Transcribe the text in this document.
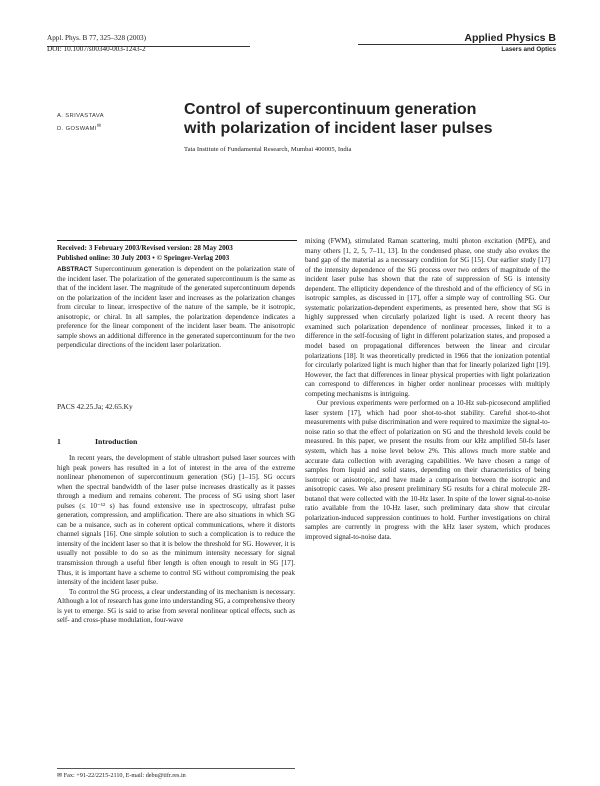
Appl. Phys. B 77, 325–328 (2003)
DOI: 10.1007/s00340-003-1243-2
Applied Physics B
Lasers and Optics
A. SRIVASTAVA
D. GOSWAMI✉
Control of supercontinuum generation
with polarization of incident laser pulses
Tata Institute of Fundamental Research, Mumbai 400005, India
Received: 3 February 2003/Revised version: 28 May 2003
Published online: 30 July 2003 • © Springer-Verlag 2003

ABSTRACT Supercontinuum generation is dependent on the polarization state of the incident laser. The polarization of the generated supercontinuum is the same as that of the incident laser. The magnitude of the generated supercontinuum depends on the polarization of the incident laser and increases as the polarization changes from circular to linear, irrespective of the nature of the sample, be it isotropic, anisotropic, or chiral. In all samples, the polarization dependence indicates a preference for the linear component of the incident laser beam. The anisotropic sample shows an additional difference in the generated supercontinuum for the two perpendicular directions of the incident laser polarization.

PACS 42.25.Ja; 42.65.Ky
1	Introduction

In recent years, the development of stable ultrashort pulsed laser sources with high peak powers has resulted in a lot of interest in the area of the extreme nonlinear phenomenon of supercontinuum generation (SG) [1–15]. SG occurs when the spectral bandwidth of the laser pulse increases drastically as it passes through a medium and remains coherent. The process of SG using short laser pulses (≤ 10⁻¹² s) has found extensive use in spectroscopy, ultrafast pulse generation, compression, and amplification. There are also situations in which SG can be a nuisance, such as in coherent optical communications, where it distorts channel signals [16]. One simple solution to such a complication is to reduce the intensity of the incident laser so that it is below the threshold for SG. However, it is usually not possible to do so as the minimum intensity necessary for signal transmission through a useful fiber length is often enough to result in SG [17]. Thus, it is important have a scheme to control SG without compromising the peak intensity of the incident laser pulse.

To control the SG process, a clear understanding of its mechanism is necessary. Although a lot of research has gone into understanding SG, a comprehensive theory is yet to emerge. SG is said to arise from several nonlinear optical effects, such as self- and cross-phase modulation, four-wave

✉ Fax: +91-22/2215-2110, E-mail: debu@tifr.res.in

mixing (FWM), stimulated Raman scattering, multi photon excitation (MPE), and many others [1, 2, 5, 7–11, 13]. In the condensed phase, one study also evokes the band gap of the material as a necessary condition for SG [15]. Our earlier study [17] of the intensity dependence of the SG process over two orders of magnitude of the incident laser pulse has shown that the rate of suppression of SG is intensity dependent. The ellipticity dependence of the threshold and of the efficiency of SG in isotropic samples, as discussed in [17], offer a simple way of controlling SG. Our systematic polarization-dependent experiments, as presented here, show that SG is highly suppressed when circularly polarized light is used. A recent theory has examined such polarization dependence of nonlinear processes, linked it to a difference in the self-focusing of light in different polarization states, and proposed a model based on propagational differences between the linear and circular polarizations [18]. It was theoretically predicted in 1966 that the ionization potential for circularly polarized light is much higher than that for linearly polarized light [19]. However, the fact that differences in linear physical properties with light polarization can correspond to differences in higher order nonlinear processes with multiply competing mechanisms is intriguing.

Our previous experiments were performed on a 10-Hz sub-picosecond amplified laser system [17], which had poor shot-to-shot stability. Careful shot-to-shot measurements with pulse discrimination and were required to maximize the signal-to-noise ratio so that the effect of polarization on SG and the threshold levels could be measured. In this paper, we present the results from our kHz amplified 50-fs laser system, which has a noise level below 2%. This allows much more stable and accurate data collection with averaging capabilities. We have chosen a range of samples from liquid and solid states, depending on their characteristics of being isotropic or anisotropic, and have made a comparison between the isotropic and anisotropic cases. We also present preliminary SG results for a chiral molecule 2R-butanol that were collected with the 10-Hz laser. In spite of the lower signal-to-noise ratio available from the 10-Hz laser, such preliminary data show that circular polarization-induced suppression continues to hold. Further investigations on chiral samples are currently in progress with the kHz laser system, which produces improved signal-to-noise data.
